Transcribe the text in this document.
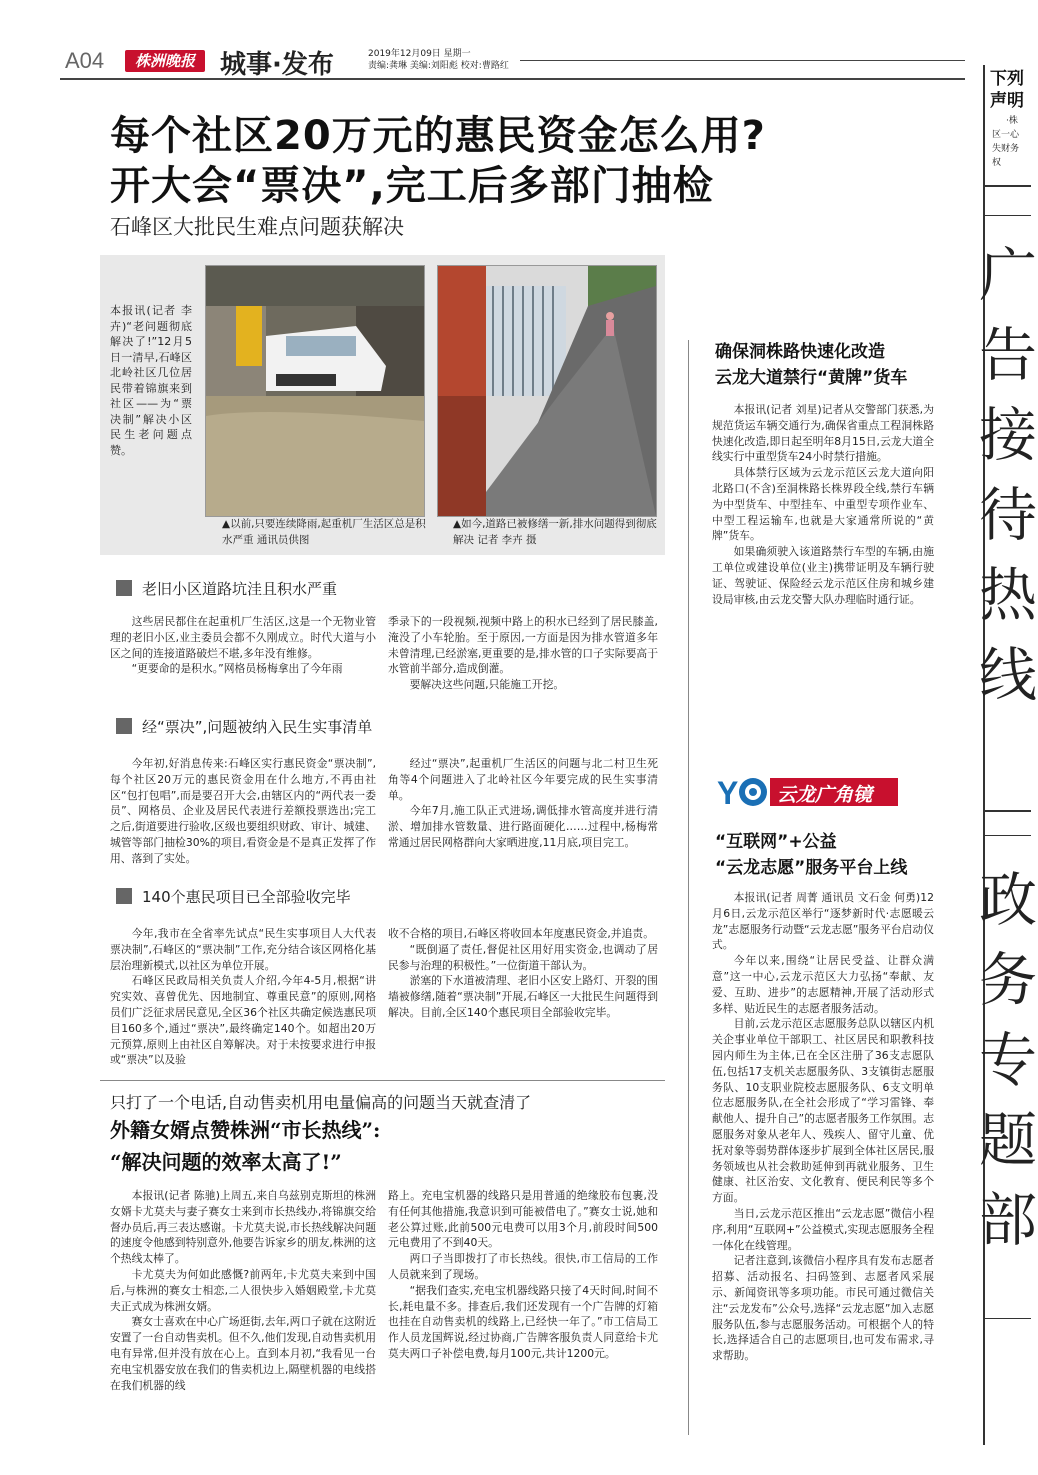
A04	株洲晚报 城事·发布	2019年12月09日 星期一
责编:龚琳 美编:刘阳彪 校对:曹路红
每个社区20万元的惠民资金怎么用?
开大会“票决”,完工后多部门抽检
石峰区大批民生难点问题获解决
本报讯(记者 李卉)“老问题彻底解决了!”12月5日一清早,石峰区北岭社区几位居民带着锦旗来到社区——为“票决制”解决小区民生老问题点赞。
▲以前,只要连续降雨,起重机厂生活区总是积水严重 通讯员供图
▲如今,道路已被修缮一新,排水问题得到彻底解决 记者 李卉 摄
老旧小区道路坑洼且积水严重

这些居民都住在起重机厂生活区,这是一个无物业管理的老旧小区,业主委员会都不久刚成立。时代大道与小区之间的连接道路破烂不堪,多年没有维修。

“更要命的是积水。”网格员杨梅拿出了今年雨

季录下的一段视频,视频中路上的积水已经到了居民膝盖,淹没了小车轮胎。至于原因,一方面是因为排水管道多年未曾清理,已经淤塞,更重要的是,排水管的口子实际要高于水管前半部分,造成倒灌。

要解决这些问题,只能施工开挖。

经“票决”,问题被纳入民生实事清单

今年初,好消息传来:石峰区实行惠民资金“票决制”,每个社区20万元的惠民资金用在什么地方,不再由社区“包打包唱”,而是要召开大会,由辖区内的“两代表一委员”、网格员、企业及居民代表进行差额投票选出;完工之后,街道要进行验收,区级也要组织财政、审计、城建、城管等部门抽检30%的项目,看资金是不是真正发挥了作用、落到了实处。

经过“票决”,起重机厂生活区的问题与北二村卫生死角等4个问题进入了北岭社区今年要完成的民生实事清单。

今年7月,施工队正式进场,调低排水管高度并进行清淤、增加排水管数量、进行路面硬化……过程中,杨梅常常通过居民网格群向大家晒进度,11月底,项目完工。

140个惠民项目已全部验收完毕

今年,我市在全省率先试点“民生实事项目人大代表票决制”,石峰区的“票决制”工作,充分结合该区网格化基层治理新模式,以社区为单位开展。

石峰区民政局相关负责人介绍,今年4-5月,根据“讲究实效、喜曾优先、因地制宜、尊重民意”的原则,网格员们广泛征求居民意见,全区36个社区共确定候选惠民项目160多个,通过“票决”,最终确定140个。如超出20万元预算,原则上由社区自筹解决。对于未按要求进行申报或“票决”以及验

收不合格的项目,石峰区将收回本年度惠民资金,并追责。

“既倒逼了责任,督促社区用好用实资金,也调动了居民参与治理的积极性。”一位街道干部认为。

淤塞的下水道被清理、老旧小区安上路灯、开裂的围墙被修缮,随着“票决制”开展,石峰区一大批民生问题得到解决。目前,全区140个惠民项目全部验收完毕。

只打了一个电话,自动售卖机用电量偏高的问题当天就查清了
外籍女婿点赞株洲“市长热线”:
“解决问题的效率太高了!”

本报讯(记者 陈驰)上周五,来自乌兹别克斯坦的株洲女婿卡尤莫夫与妻子赛女士来到市长热线办,将锦旗交给督办员后,再三表达感谢。卡尤莫夫说,市长热线解决问题的速度令他感到特别意外,他要告诉家乡的朋友,株洲的这个热线太棒了。

卡尤莫夫为何如此感慨?前两年,卡尤莫夫来到中国后,与株洲的赛女士相恋,二人很快步入婚姻殿堂,卡尤莫夫正式成为株洲女婿。

赛女士喜欢在中心广场逛街,去年,两口子就在这附近安置了一台自动售卖机。但不久,他们发现,自动售卖机用电有异常,但并没有放在心上。直到本月初,“我看见一台充电宝机器安放在我们的售卖机边上,隔壁机器的电线搭在我们机器的线

路上。充电宝机器的线路只是用普通的绝缘胶布包裹,没有任何其他措施,我意识到可能被借电了。”赛女士说,她和老公算过账,此前500元电费可以用3个月,前段时间500元电费用了不到40天。

两口子当即拨打了市长热线。很快,市工信局的工作人员就来到了现场。

“据我们查实,充电宝机器线路只接了4天时间,时间不长,耗电量不多。排查后,我们还发现有一个广告牌的灯箱也挂在自动售卖机的线路上,已经快一年了。”市工信局工作人员龙国辉说,经过协商,广告牌客服负责人同意给卡尤莫夫两口子补偿电费,每月100元,共计1200元。

确保洞株路快速化改造
云龙大道禁行“黄牌”货车

本报讯(记者 刘星)记者从交警部门获悉,为规范货运车辆交通行为,确保省重点工程洞株路快速化改造,即日起至明年8月15日,云龙大道全线实行中重型货车24小时禁行措施。

具体禁行区域为云龙示范区云龙大道向阳北路口(不含)至洞株路长株界段全线,禁行车辆为中型货车、中型挂车、中重型专项作业车、中型工程运输车,也就是大家通常所说的“黄牌”货车。

如果确须驶入该道路禁行车型的车辆,由施工单位或建设单位(业主)携带证明及车辆行驶证、驾驶证、保险经云龙示范区住房和城乡建设局审核,由云龙交警大队办理临时通行证。

Y 云龙广角镜
“互联网”+公益
“云龙志愿”服务平台上线

本报讯(记者 周菁 通讯员 文石金 何勇)12月6日,云龙示范区举行“逐梦新时代·志愿暖云龙”志愿服务行动暨“云龙志愿”服务平台启动仪式。

今年以来,围绕“让居民受益、让群众满意”这一中心,云龙示范区大力弘扬“奉献、友爱、互助、进步”的志愿精神,开展了活动形式多样、贴近民生的志愿者服务活动。

目前,云龙示范区志愿服务总队以辖区内机关企事业单位干部职工、社区居民和职教科技园内师生为主体,已在全区注册了36支志愿队伍,包括17支机关志愿服务队、3支镇街志愿服务队、10支职业院校志愿服务队、6支文明单位志愿服务队,在全社会形成了“学习雷锋、奉献他人、提升自己”的志愿者服务工作氛围。志愿服务对象从老年人、残疾人、留守儿童、优抚对象等弱势群体逐步扩展到全体社区居民,服务领域也从社会救助延伸到再就业服务、卫生健康、社区治安、文化教育、便民利民等多个方面。

当日,云龙示范区推出“云龙志愿”微信小程序,利用“互联网+”公益模式,实现志愿服务全程一体化在线管理。

记者注意到,该微信小程序具有发布志愿者招募、活动报名、扫码签到、志愿者风采展示、新闻资讯等多项功能。市民可通过微信关注“云龙发布”公众号,选择“云龙志愿”加入志愿服务队伍,参与志愿服务活动。可根据个人的特长,选择适合自己的志愿项目,也可发布需求,寻求帮助。

下列
声明
·株
区一心
失财务
权
广
告
接
待
热
线
政
务
专
题
部
